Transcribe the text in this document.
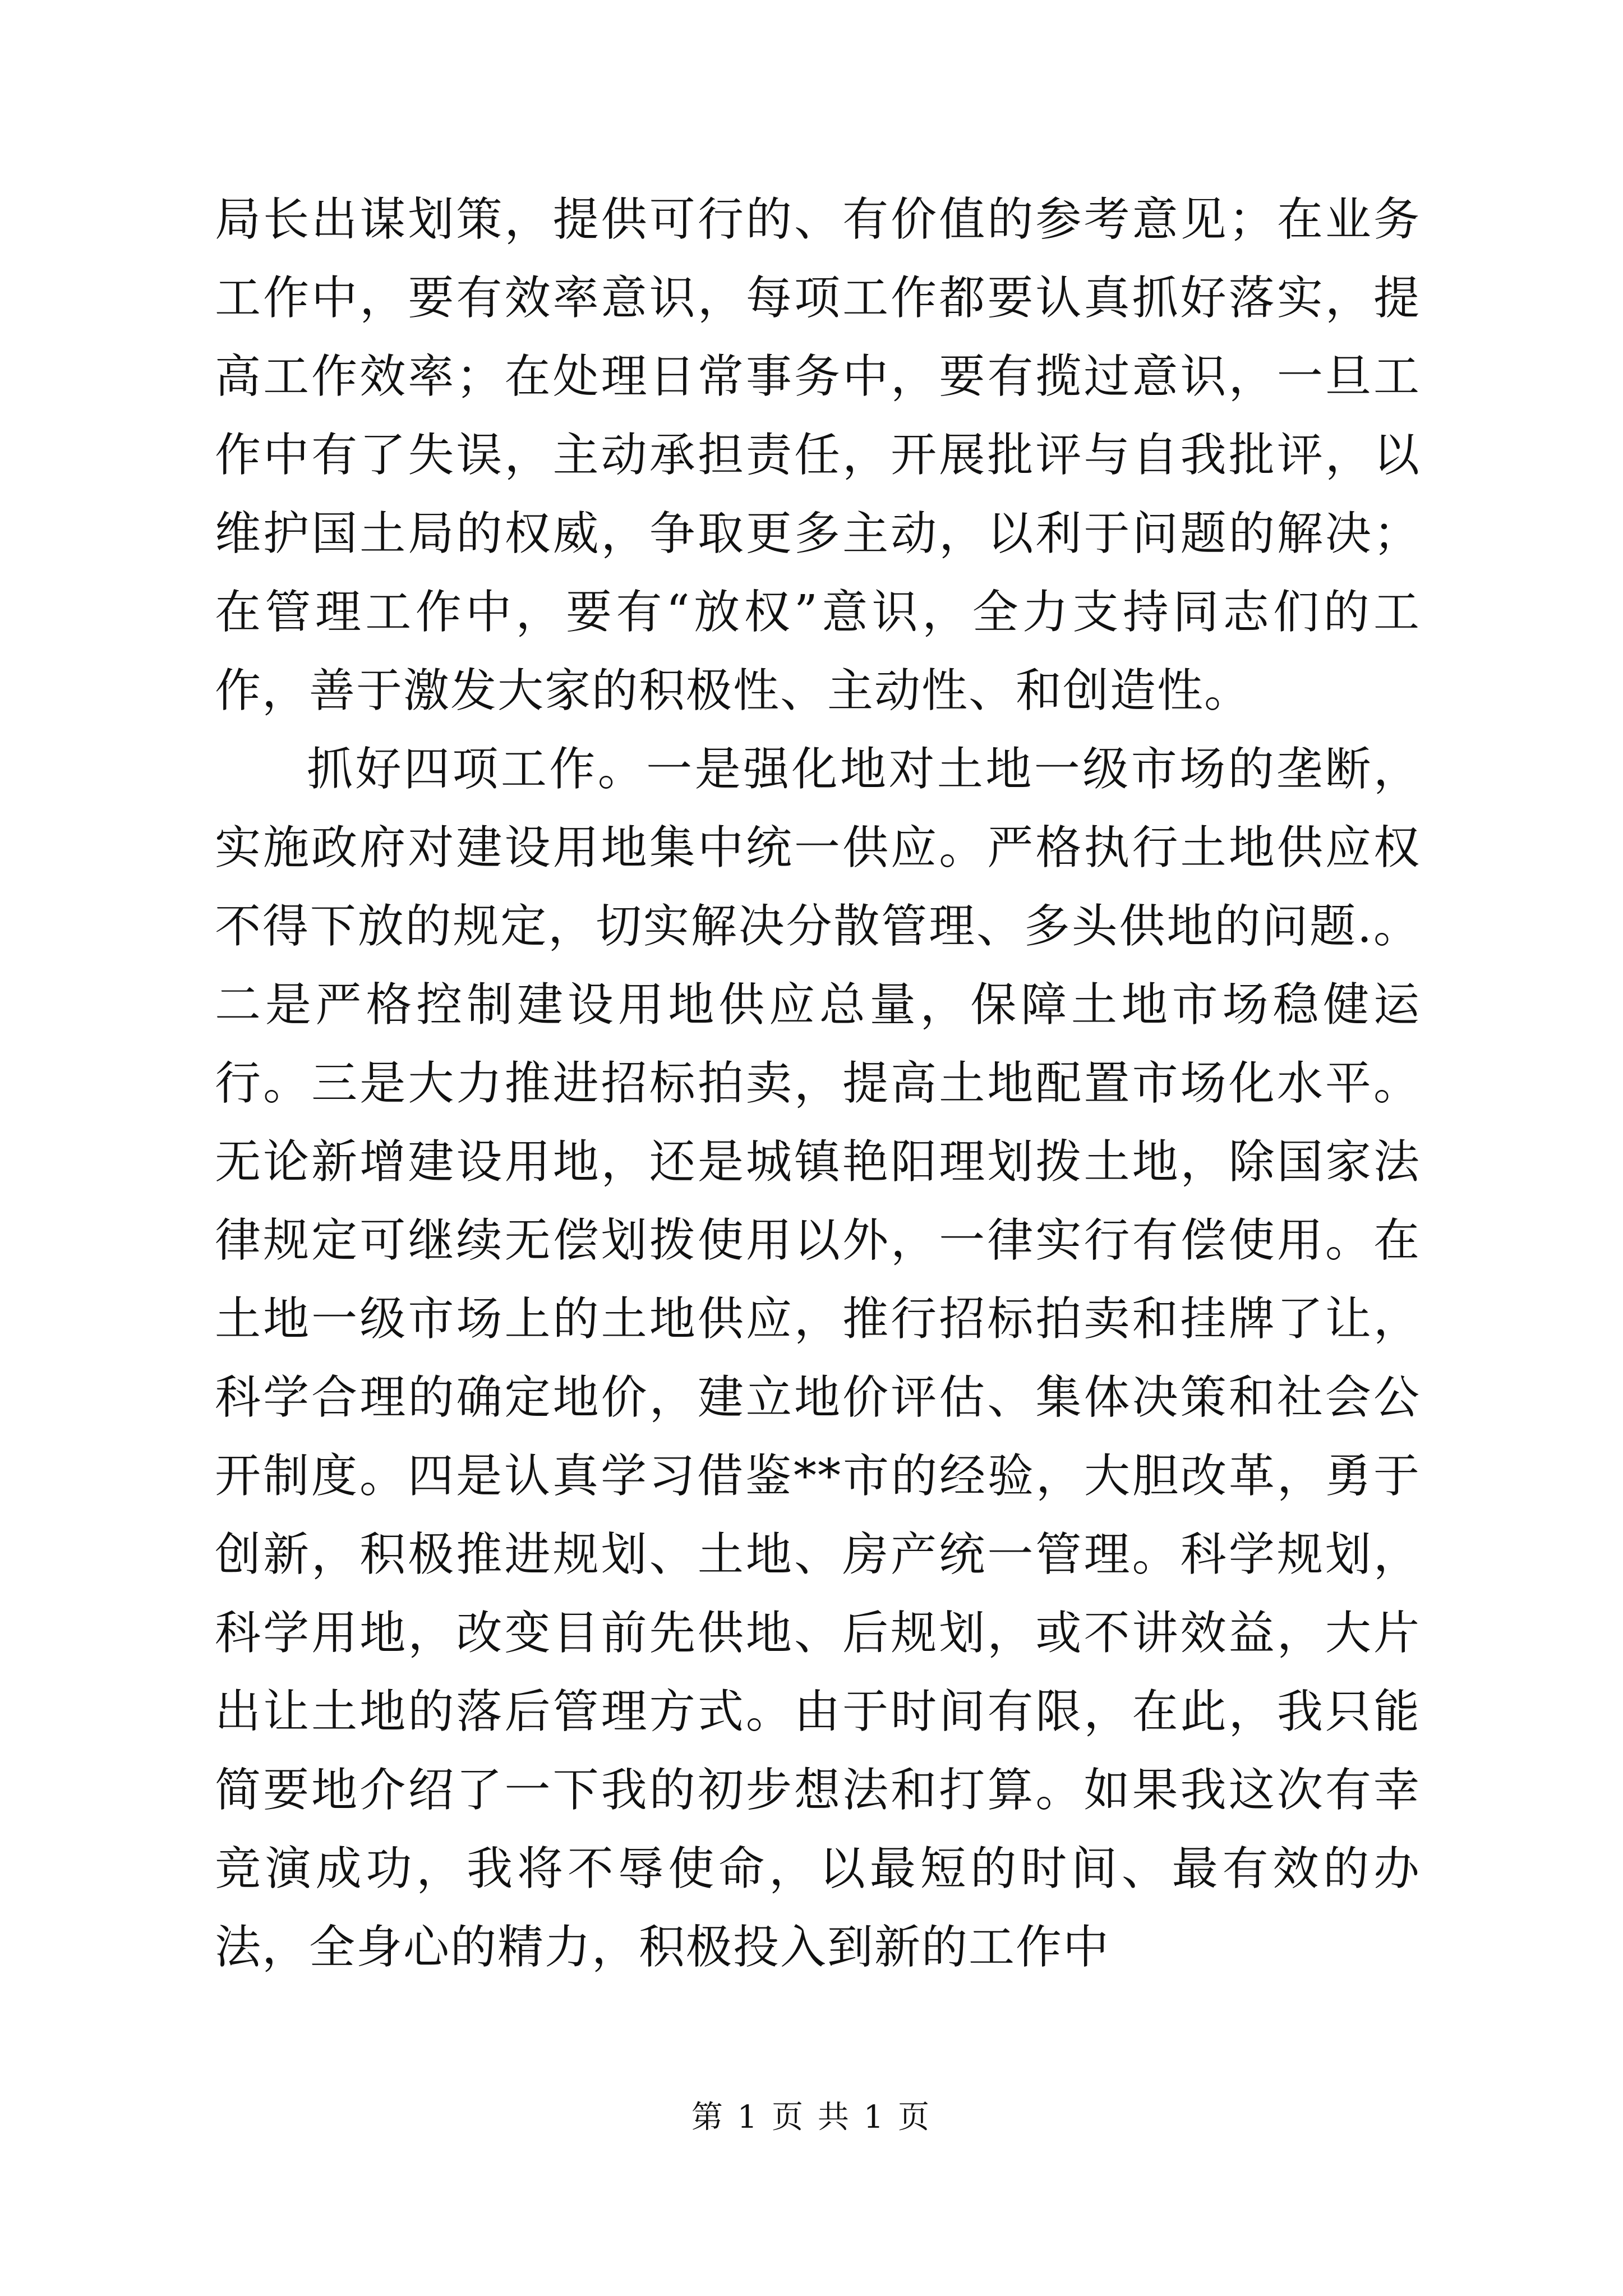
局长出谋划策，提供可行的、有价值的参考意见；在业务工作中，要有效率意识，每项工作都要认真抓好落实，提高工作效率；在处理日常事务中，要有揽过意识，一旦工作中有了失误，主动承担责任，开展批评与自我批评，以维护国土局的权威，争取更多主动，以利于问题的解决；在管理工作中，要有“放权”意识，全力支持同志们的工作，善于激发大家的积极性、主动性、和创造性。

抓好四项工作。一是强化地对土地一级市场的垄断，实施政府对建设用地集中统一供应。严格执行土地供应权不得下放的规定，切实解决分散管理、多头供地的问题.。二是严格控制建设用地供应总量，保障土地市场稳健运行。三是大力推进招标拍卖，提高土地配置市场化水平。无论新增建设用地，还是城镇艳阳理划拨土地，除国家法律规定可继续无偿划拨使用以外，一律实行有偿使用。在土地一级市场上的土地供应，推行招标拍卖和挂牌了让，科学合理的确定地价，建立地价评估、集体决策和社会公开制度。四是认真学习借鉴**市的经验，大胆改革，勇于创新，积极推进规划、土地、房产统一管理。科学规划，科学用地，改变目前先供地、后规划，或不讲效益，大片出让土地的落后管理方式。由于时间有限，在此，我只能简要地介绍了一下我的初步想法和打算。如果我这次有幸竞演成功，我将不辱使命，以最短的时间、最有效的办法，全身心的精力，积极投入到新的工作中

第 1 页 共 1 页
